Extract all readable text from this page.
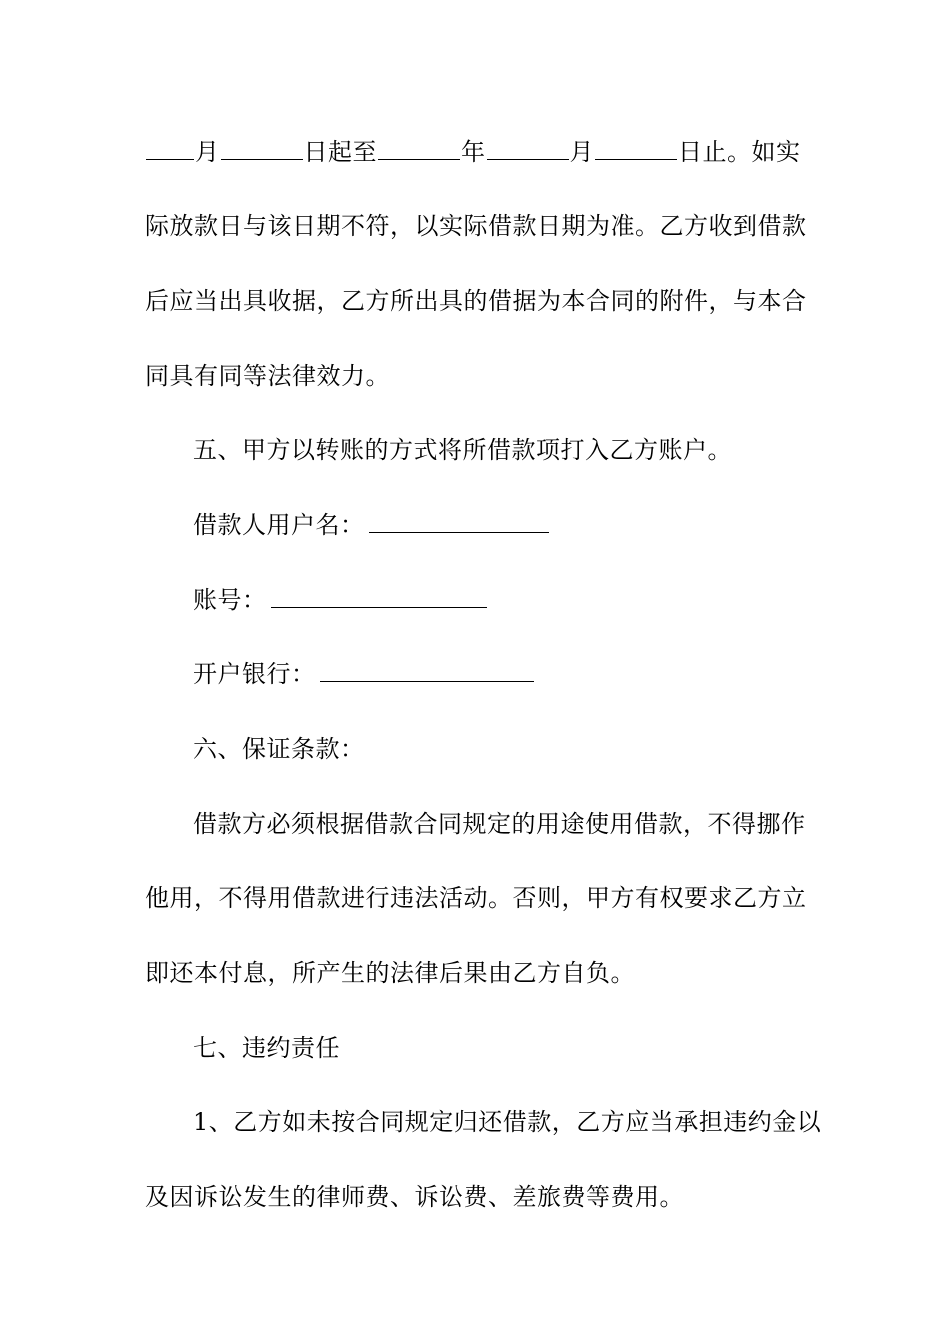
月	日起至	年	月	日止。如实
际放款日与该日期不符，以实际借款日期为准。乙方收到借款
后应当出具收据，乙方所出具的借据为本合同的附件，与本合
同具有同等法律效力。
五、甲方以转账的方式将所借款项打入乙方账户。
借款人用户名：
账号：
开户银行：
六、保证条款：
借款方必须根据借款合同规定的用途使用借款，不得挪作
他用，不得用借款进行违法活动。否则，甲方有权要求乙方立
即还本付息，所产生的法律后果由乙方自负。
七、违约责任
1、乙方如未按合同规定归还借款，乙方应当承担违约金以
及因诉讼发生的律师费、诉讼费、差旅费等费用。
